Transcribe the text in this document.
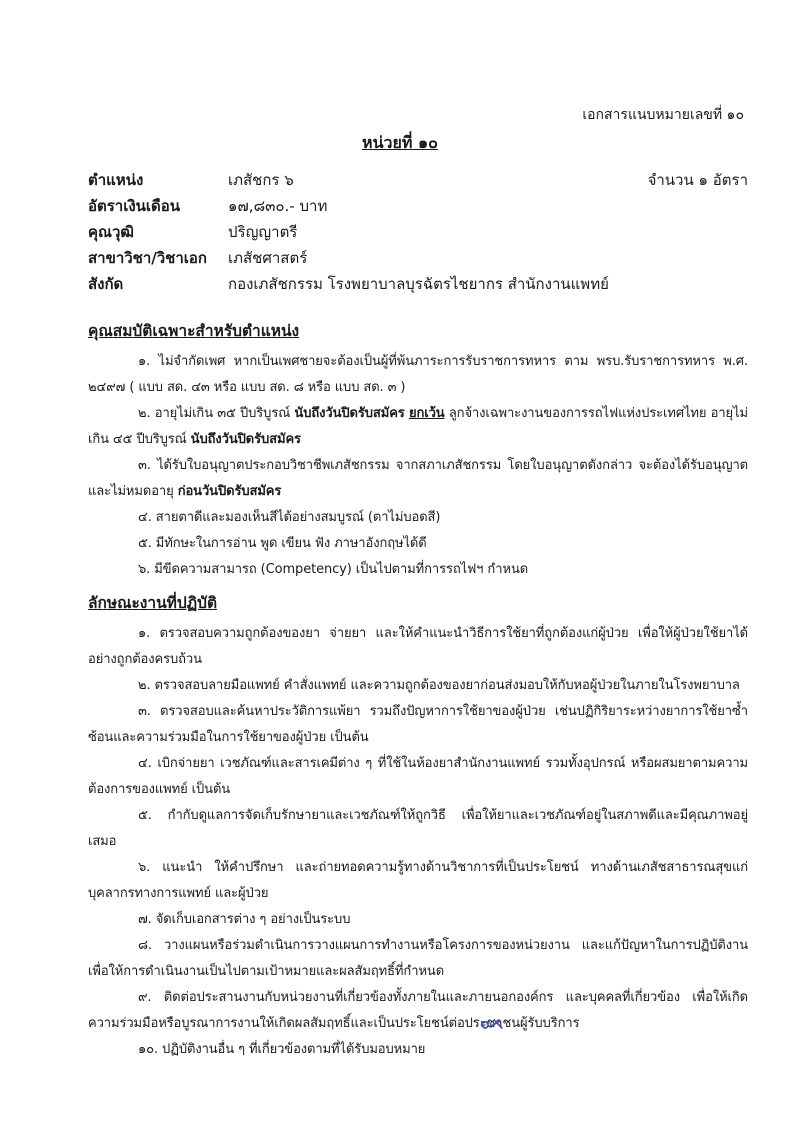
เอกสารแนบหมายเลขที่ ๑๐
หน่วยที่ ๑๐
ตำแหน่ง	เภสัชกร ๖	จำนวน ๑ อัตรา
อัตราเงินเดือน	๑๗,๘๓๐.- บาท
คุณวุฒิ	ปริญญาตรี
สาขาวิชา/วิชาเอก เภสัชศาสตร์
สังกัด	กองเภสัชกรรม โรงพยาบาลบุรฉัตรไชยากร สำนักงานแพทย์
คุณสมบัติเฉพาะสำหรับตำแหน่ง

๑. ไม่จำกัดเพศ หากเป็นเพศชายจะต้องเป็นผู้ที่พ้นภาระการรับราชการทหาร ตาม พรบ.รับราชการทหาร พ.ศ. ๒๔๙๗ ( แบบ สด. ๔๓ หรือ แบบ สด. ๘ หรือ แบบ สด. ๓ )

๒. อายุไม่เกิน ๓๕ ปีบริบูรณ์ นับถึงวันปิดรับสมัคร ยกเว้น ลูกจ้างเฉพาะงานของการรถไฟแห่งประเทศไทย อายุไม่เกิน ๔๕ ปีบริบูรณ์ นับถึงวันปิดรับสมัคร

๓. ได้รับใบอนุญาตประกอบวิชาชีพเภสัชกรรม จากสภาเภสัชกรรม โดยใบอนุญาตดังกล่าว จะต้องได้รับอนุญาตและไม่หมดอายุ ก่อนวันปิดรับสมัคร

๔. สายตาดีและมองเห็นสีได้อย่างสมบูรณ์ (ตาไม่บอดสี)

๕. มีทักษะในการอ่าน พูด เขียน ฟัง ภาษาอังกฤษได้ดี

๖. มีขีดความสามารถ (Competency) เป็นไปตามที่การรถไฟฯ กำหนด

ลักษณะงานที่ปฏิบัติ

๑. ตรวจสอบความถูกต้องของยา จ่ายยา และให้คำแนะนำวิธีการใช้ยาที่ถูกต้องแก่ผู้ป่วย เพื่อให้ผู้ป่วยใช้ยาได้อย่างถูกต้องครบถ้วน

๒. ตรวจสอบลายมือแพทย์ คำสั่งแพทย์ และความถูกต้องของยาก่อนส่งมอบให้กับหอผู้ป่วยในภายในโรงพยาบาล

๓. ตรวจสอบและค้นหาประวัติการแพ้ยา รวมถึงปัญหาการใช้ยาของผู้ป่วย เช่นปฏิกิริยาระหว่างยาการใช้ยาซ้ำซ้อนและความร่วมมือในการใช้ยาของผู้ป่วย เป็นต้น

๔. เบิกจ่ายยา เวชภัณฑ์และสารเคมีต่าง ๆ ที่ใช้ในห้องยาสำนักงานแพทย์ รวมทั้งอุปกรณ์ หรือผสมยาตามความต้องการของแพทย์ เป็นต้น

๕. กำกับดูแลการจัดเก็บรักษายาและเวชภัณฑ์ให้ถูกวิธี เพื่อให้ยาและเวชภัณฑ์อยู่ในสภาพดีและมีคุณภาพอยู่เสมอ

๖. แนะนำ ให้คำปรึกษา และถ่ายทอดความรู้ทางด้านวิชาการที่เป็นประโยชน์ ทางด้านเภสัชสาธารณสุขแก่บุคลากรทางการแพทย์ และผู้ป่วย

๗. จัดเก็บเอกสารต่าง ๆ อย่างเป็นระบบ

๘. วางแผนหรือร่วมดำเนินการวางแผนการทำงานหรือโครงการของหน่วยงาน และแก้ปัญหาในการปฏิบัติงาน เพื่อให้การดำเนินงานเป็นไปตามเป้าหมายและผลสัมฤทธิ์ที่กำหนด

๙. ติดต่อประสานงานกับหน่วยงานที่เกี่ยวข้องทั้งภายในและภายนอกองค์กร และบุคคลที่เกี่ยวข้อง เพื่อให้เกิดความร่วมมือหรือบูรณาการงานให้เกิดผลสัมฤทธิ์และเป็นประโยชน์ต่อประชาชนผู้รับบริการ

๑๐. ปฏิบัติงานอื่น ๆ ที่เกี่ยวข้องตามที่ได้รับมอบหมาย
